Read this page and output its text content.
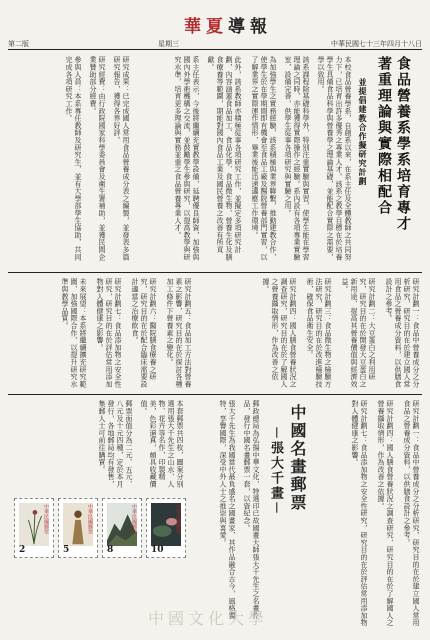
華夏導報
第二版	星期三	中華民國七十三年四月十八日
食品營養系學系培育專才
著重理論與實際相配合
並提倡建教合作擬研究計劃

本校食品營養學系，自創系以來，在系主任及全體教師之共同努力下，已培育出許多優秀之專業人才。該系之教學目標在於培養學生具備食品科學與營養學之理論基礎，並能配合實際之需要，學以致用。

該系課程除基礎科學外，特別注重實驗與實習，使學生能在學習理論之同時，亦能獲得實際操作之經驗。系內設有各項專業實驗室，設備完善，供學生從事各項研究與實驗之用。

為加強學生之實務經驗，該系積極與業界聯繫，推動建教合作，使學生於在學期間即有機會至食品工廠及醫院營養部門實習，以了解業界之實際運作情形，畢業後能迅速適應工作環境。

此外，該系教師亦積極從事各項研究工作，並擬定多項研究計劃，內容涵蓋食品加工、食品化學、食品微生物、營養生化及膳食療養等範圍，期能對國內食品工業及國民營養之改善有所貢獻。

系主任表示，今後將繼續充實教學設備，延聘優良師資，加強與國內外學術機構之交流，並鼓勵學生參與研究，以提高教學與研究水準，培育更多理論與實務並重之食品營養專業人才。

研究成果：已完成國人常用食品營養成分表之編製，並發表多篇研究報告，獲得各界好評。

研究經費：由行政院國家科學委員會及衛生署補助，並獲民間企業贊助部分經費。

參與人員：本系專任教師及研究生，並有大學部學生協助，共同完成各項研究工作。

研究計劃一：食品中營養成分之分析研究，研究目的在於建立國人常用食品之營養成分資料，以供膳食設計之參考。

研究計劃二：大豆蛋白之利用研究，研究目的在於開發大豆蛋白之新用途，提高其營養價值與經濟效益。

研究計劃三：食品微生物之檢驗方法研究，研究目的在於改進檢驗技術，確保食品衛生安全。

研究計劃四：國人膳食營養狀況之調查研究，研究目的在於了解國人之營養攝取情形，作為改善之依據。

研究計劃五：食品加工方法對營養素之影響，研究目的在於探討各種加工條件下營養素之變化。

研究計劃六：醫院膳食療養之研究，研究目的在於配合臨床需要設計適當之治療飲食。

研究計劃七：食品添加物之安全性研究，研究目的在於評估常用添加物對人體健康之影響。

未來展望：本系將繼續擴充研究範圍，加強國際合作，以提升研究水準與教學品質。

研究計劃一：食品中營養成分之分析研究，研究目的在於建立國人常用食品之營養成分資料，以供膳食設計之參考。

研究計劃四：國人膳食營養狀況之調查研究，研究目的在於了解國人之營養攝取情形，作為改善之依據。

研究計劃七：食品添加物之安全性研究，研究目的在於評估常用添加物對人體健康之影響。

中國名畫郵票
－張大千畫－

郵政總局為弘揚中華文化，特選印已故國畫大師張大千先生之名畫作品，發行中國名畫郵票一套，以資紀念。

張大千先生為我國當代最負盛名之國畫家，其作品融合古今，風格獨特，享譽國際，深受中外人士之推崇與喜愛。

本套郵票共四枚，圖案分別選用張大千先生之山水、人物、花卉等名作，印製精美，色彩逼真，頗具收藏價值。

郵票面值分為二元、五元、八元及十元四種，定於本月發行，各地郵局均有發售，集郵人士可前往購買。

中華民國郵票
2
中華民國郵票
5
中華民國郵票
8
中華民國郵票
10
中國文化大學
